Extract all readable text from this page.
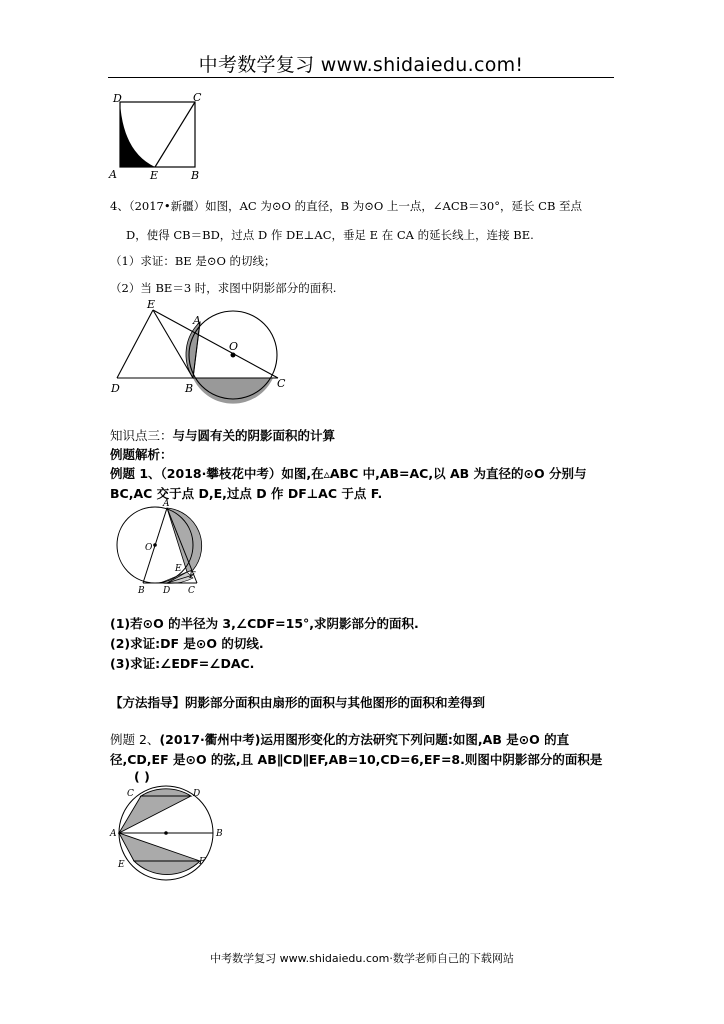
中考数学复习 www.shidaiedu.com!
D	C
A	E	B
4、（2017•新疆）如图，AC 为⊙O 的直径，B 为⊙O 上一点，∠ACB＝30°，延长 CB 至点
D，使得 CB＝BD，过点 D 作 DE⊥AC，垂足 E 在 CA 的延长线上，连接 BE.
（1）求证：BE 是⊙O 的切线；
（2）当 BE＝3 时，求图中阴影部分的面积.
E
A
O
D	B	C
知识点三：与与圆有关的阴影面积的计算
例题解析：
例题 1、（2018·攀枝花中考）如图,在▵ABC 中,AB=AC,以 AB 为直径的⊙O 分别与
BC,AC 交于点 D,E,过点 D 作 DF⊥AC 于点 F.
A
O
E
F
B D C
(1)若⊙O 的半径为 3,∠CDF=15°,求阴影部分的面积.
(2)求证:DF 是⊙O 的切线.
(3)求证:∠EDF=∠DAC.
【方法指导】阴影部分面积由扇形的面积与其他图形的面积和差得到
例题 2、(2017·衢州中考)运用图形变化的方法研究下列问题:如图,AB 是⊙O 的直
径,CD,EF 是⊙O 的弦,且 AB∥CD∥EF,AB=10,CD=6,EF=8.则图中阴影部分的面积是
( )
C	D
A	B
E	F
中考数学复习 www.shidaiedu.com·数学老师自己的下载网站
